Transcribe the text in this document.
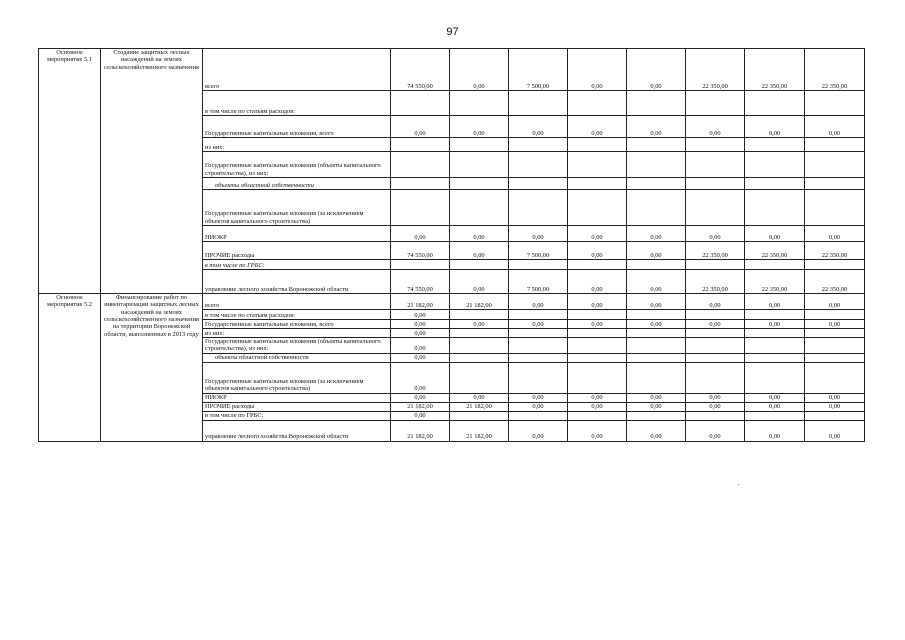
97
Основное мероприятие 5.1	Создание защитных лесных насаждений на землях сельскохозяйственного назначения	всего	74 550,00	0,00	7 500,00	0,00	0,00	22 350,00	22 350,00	22 350,00
		в том числе по статьям расходов:								
		Государственные капитальные вложения, всего	0,00	0,00	0,00	0,00	0,00	0,00	0,00	0,00
		из них:								
		Государственные капитальные вложения (объекты капитального строительства), из них:								
		объекты областной собственности								
		Государственные капитальные вложения (за исключением объектов капитального строительства)								
		НИОКР	0,00	0,00	0,00	0,00	0,00	0,00	0,00	0,00
		ПРОЧИЕ расходы	74 550,00	0,00	7 500,00	0,00	0,00	22 350,00	22 350,00	22 350,00
		в том числе по ГРБС:								
		управление лесного хозяйства Воронежской области	74 550,00	0,00	7 500,00	0,00	0,00	22 350,00	22 350,00	22 350,00
Основное мероприятие 5.2	Финансирование работ по инвентаризации защитных лесных насаждений на землях сельскохозяйственного назначения на территории Воронежской области, выполненных в 2013 году	всего	21 182,00	21 182,00	0,00	0,00	0,00	0,00	0,00	0,00
		в том числе по статьям расходов:	0,00							
		Государственные капитальные вложения, всего	0,00	0,00	0,00	0,00	0,00	0,00	0,00	0,00
		из них:	0,00							
		Государственные капитальные вложения (объекты капитального строительства), из них:	0,00							
		объекты областной собственности	0,00							
		Государственные капитальные вложения (за исключением объектов капитального строительства)	0,00							
		НИОКР	0,00	0,00	0,00	0,00	0,00	0,00	0,00	0,00
		ПРОЧИЕ расходы	21 182,00	21 182,00	0,00	0,00	0,00	0,00	0,00	0,00
		в том числе по ГРБС:	0,00							
		управление лесного хозяйства Воронежской области	21 182,00	21 182,00	0,00	0,00	0,00	0,00	0,00	0,00
